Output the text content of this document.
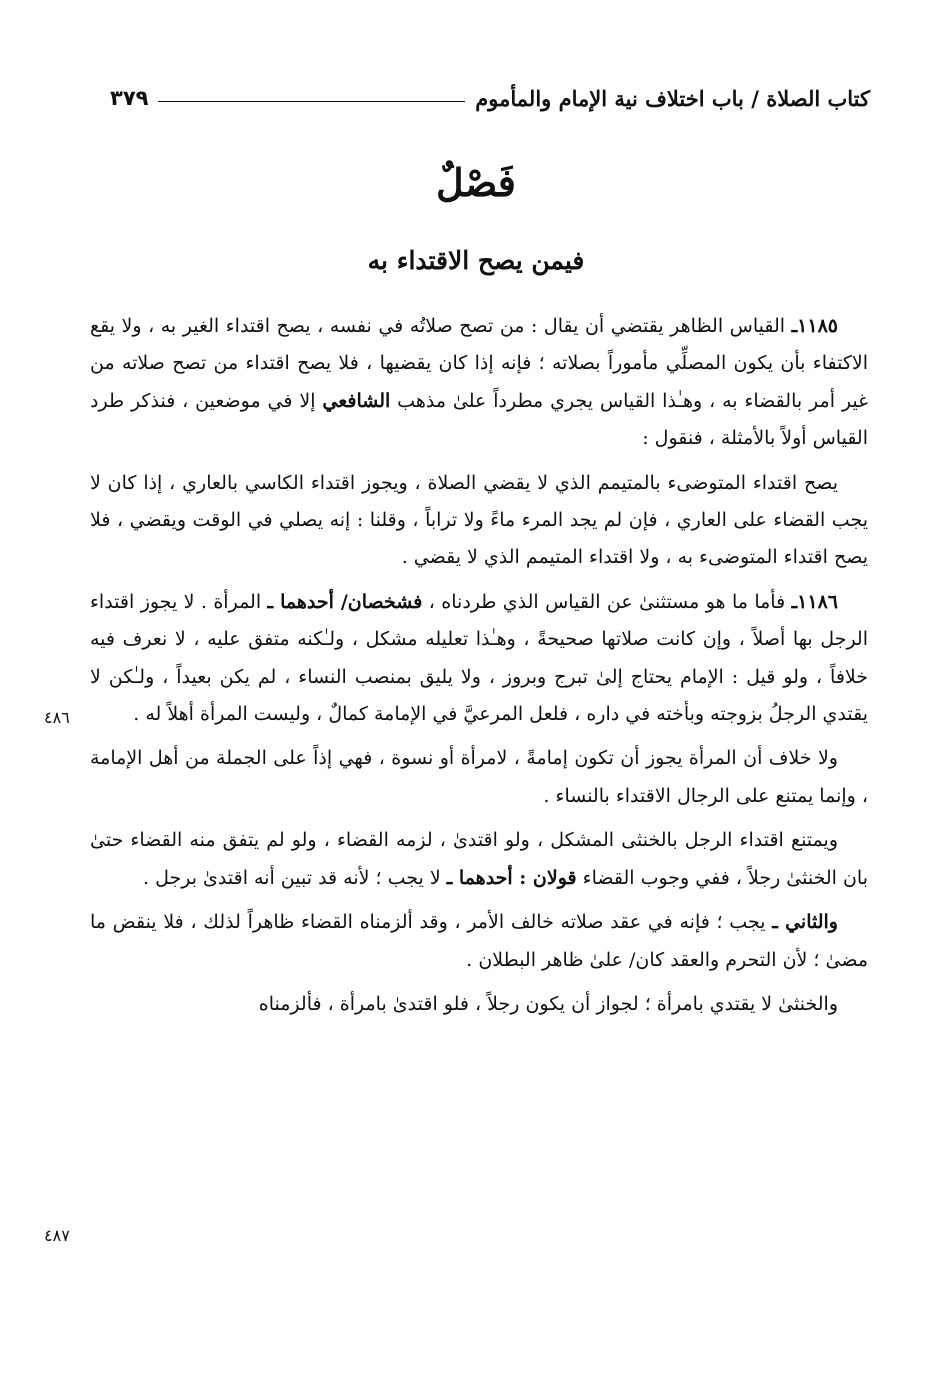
كتاب الصلاة / باب اختلاف نية الإمام والمأموم
٣٧٩
فَصْلٌ
فيمن يصح الاقتداء به

١١٨٥ـ القياس الظاهر يقتضي أن يقال : من تصح صلاتُه في نفسه ، يصح اقتداء الغير به ، ولا يقع الاكتفاء بأن يكون المصلِّي مأموراً بصلاته ؛ فإنه إذا كان يقضيها ، فلا يصح اقتداء من تصح صلاته من غير أمر بالقضاء به ، وهـٰذا القياس يجري مطرداً علىٰ مذهب الشافعي إلا في موضعين ، فنذكر طرد القياس أولاً بالأمثلة ، فنقول :

يصح اقتداء المتوضىء بالمتيمم الذي لا يقضي الصلاة ، ويجوز اقتداء الكاسي بالعاري ، إذا كان لا يجب القضاء على العاري ، فإن لم يجد المرء ماءً ولا تراباً ، وقلنا : إنه يصلي في الوقت ويقضي ، فلا يصح اقتداء المتوضىء به ، ولا اقتداء المتيمم الذي لا يقضي .

١١٨٦ـ فأما ما هو مستثنىٰ عن القياس الذي طردناه ، فشخصان/ أحدهما ـ المرأة . لا يجوز اقتداء الرجل بها أصلاً ، وإن كانت صلاتها صحيحةً ، وهـٰذا تعليله مشكل ، ولـٰكنه متفق عليه ، لا نعرف فيه خلافاً ، ولو قيل : الإمام يحتاج إلىٰ تبرج وبروز ، ولا يليق بمنصب النساء ، لم يكن بعيداً ، ولـٰكن لا يقتدي الرجلُ بزوجته وبأخته في داره ، فلعل المرعيَّ في الإمامة كمالٌ ، وليست المرأة أهلاً له .

ولا خلاف أن المرأة يجوز أن تكون إمامةً ، لامرأة أو نسوة ، فهي إذاً على الجملة من أهل الإمامة ، وإنما يمتنع على الرجال الاقتداء بالنساء .

ويمتنع اقتداء الرجل بالخنثى المشكل ، ولو اقتدىٰ ، لزمه القضاء ، ولو لم يتفق منه القضاء حتىٰ بان الخنثىٰ رجلاً ، ففي وجوب القضاء قولان : أحدهما ـ لا يجب ؛ لأنه قد تبين أنه اقتدىٰ برجل .

والثاني ـ يجب ؛ فإنه في عقد صلاته خالف الأمر ، وقد ألزمناه القضاء ظاهراً لذلك ، فلا ينقض ما مضىٰ ؛ لأن التحرم والعقد كان/ علىٰ ظاهر البطلان .

والخنثىٰ لا يقتدي بامرأة ؛ لجواز أن يكون رجلاً ، فلو اقتدىٰ بامرأة ، فألزمناه

٤٨٦
٤٨٧
